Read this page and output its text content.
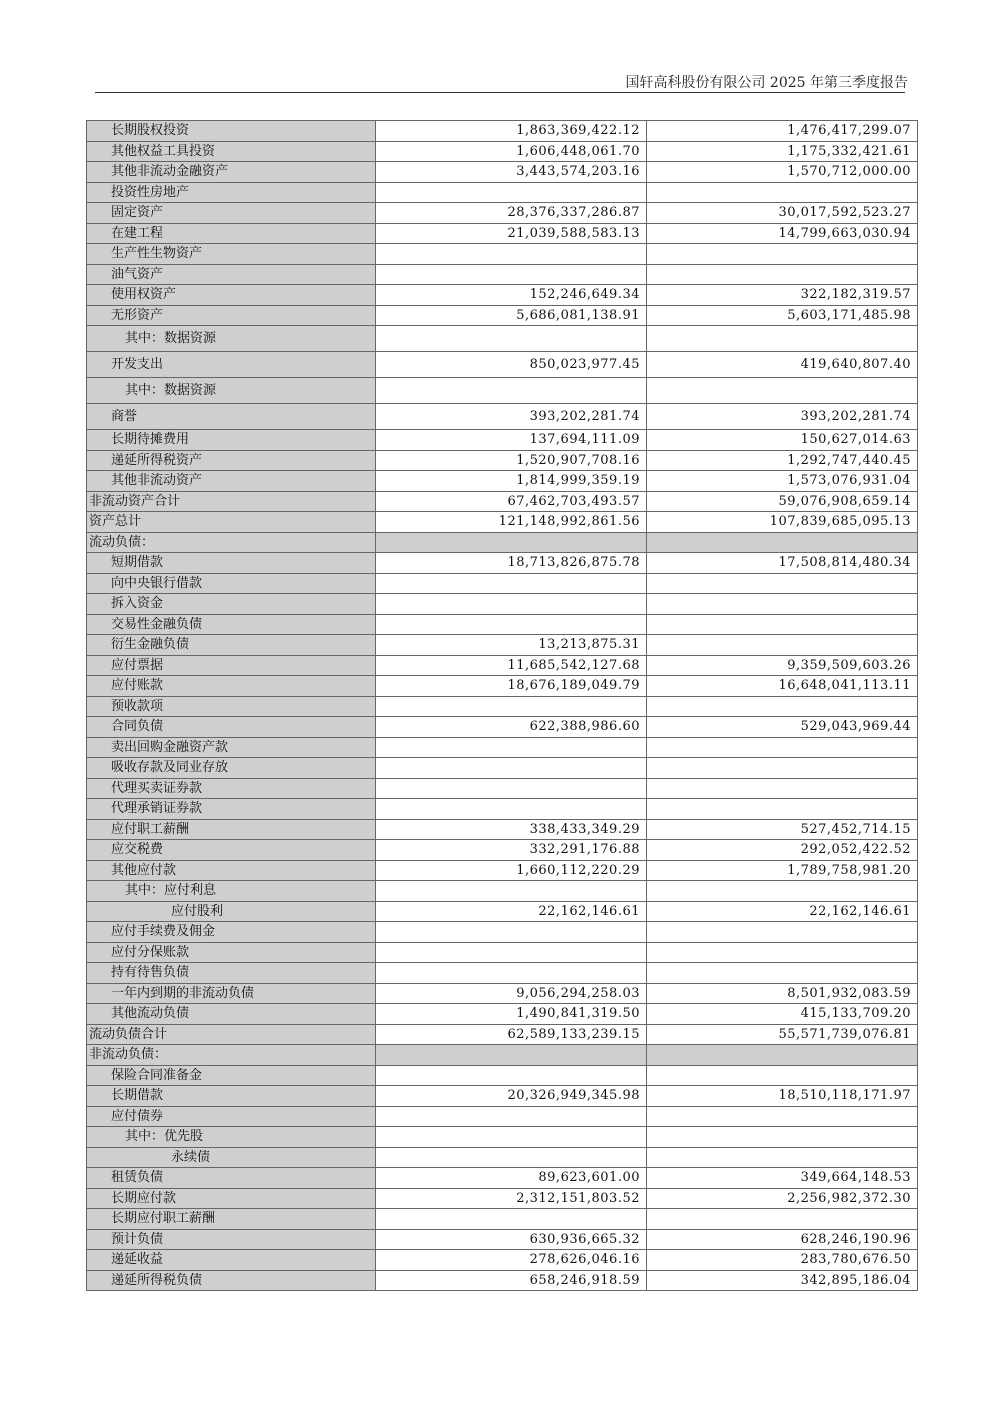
国轩高科股份有限公司 2025 年第三季度报告
长期股权投资	1,863,369,422.12	1,476,417,299.07
其他权益工具投资	1,606,448,061.70	1,175,332,421.61
其他非流动金融资产	3,443,574,203.16	1,570,712,000.00
投资性房地产		
固定资产	28,376,337,286.87	30,017,592,523.27
在建工程	21,039,588,583.13	14,799,663,030.94
生产性生物资产		
油气资产		
使用权资产	152,246,649.34	322,182,319.57
无形资产	5,686,081,138.91	5,603,171,485.98
其中：数据资源		
开发支出	850,023,977.45	419,640,807.40
其中：数据资源		
商誉	393,202,281.74	393,202,281.74
长期待摊费用	137,694,111.09	150,627,014.63
递延所得税资产	1,520,907,708.16	1,292,747,440.45
其他非流动资产	1,814,999,359.19	1,573,076,931.04
非流动资产合计	67,462,703,493.57	59,076,908,659.14
资产总计	121,148,992,861.56	107,839,685,095.13
流动负债：		
短期借款	18,713,826,875.78	17,508,814,480.34
向中央银行借款		
拆入资金		
交易性金融负债		
衍生金融负债	13,213,875.31	
应付票据	11,685,542,127.68	9,359,509,603.26
应付账款	18,676,189,049.79	16,648,041,113.11
预收款项		
合同负债	622,388,986.60	529,043,969.44
卖出回购金融资产款		
吸收存款及同业存放		
代理买卖证券款		
代理承销证券款		
应付职工薪酬	338,433,349.29	527,452,714.15
应交税费	332,291,176.88	292,052,422.52
其他应付款	1,660,112,220.29	1,789,758,981.20
其中：应付利息		
应付股利	22,162,146.61	22,162,146.61
应付手续费及佣金		
应付分保账款		
持有待售负债		
一年内到期的非流动负债	9,056,294,258.03	8,501,932,083.59
其他流动负债	1,490,841,319.50	415,133,709.20
流动负债合计	62,589,133,239.15	55,571,739,076.81
非流动负债：		
保险合同准备金		
长期借款	20,326,949,345.98	18,510,118,171.97
应付债券		
其中：优先股		
永续债		
租赁负债	89,623,601.00	349,664,148.53
长期应付款	2,312,151,803.52	2,256,982,372.30
长期应付职工薪酬		
预计负债	630,936,665.32	628,246,190.96
递延收益	278,626,046.16	283,780,676.50
递延所得税负债	658,246,918.59	342,895,186.04
